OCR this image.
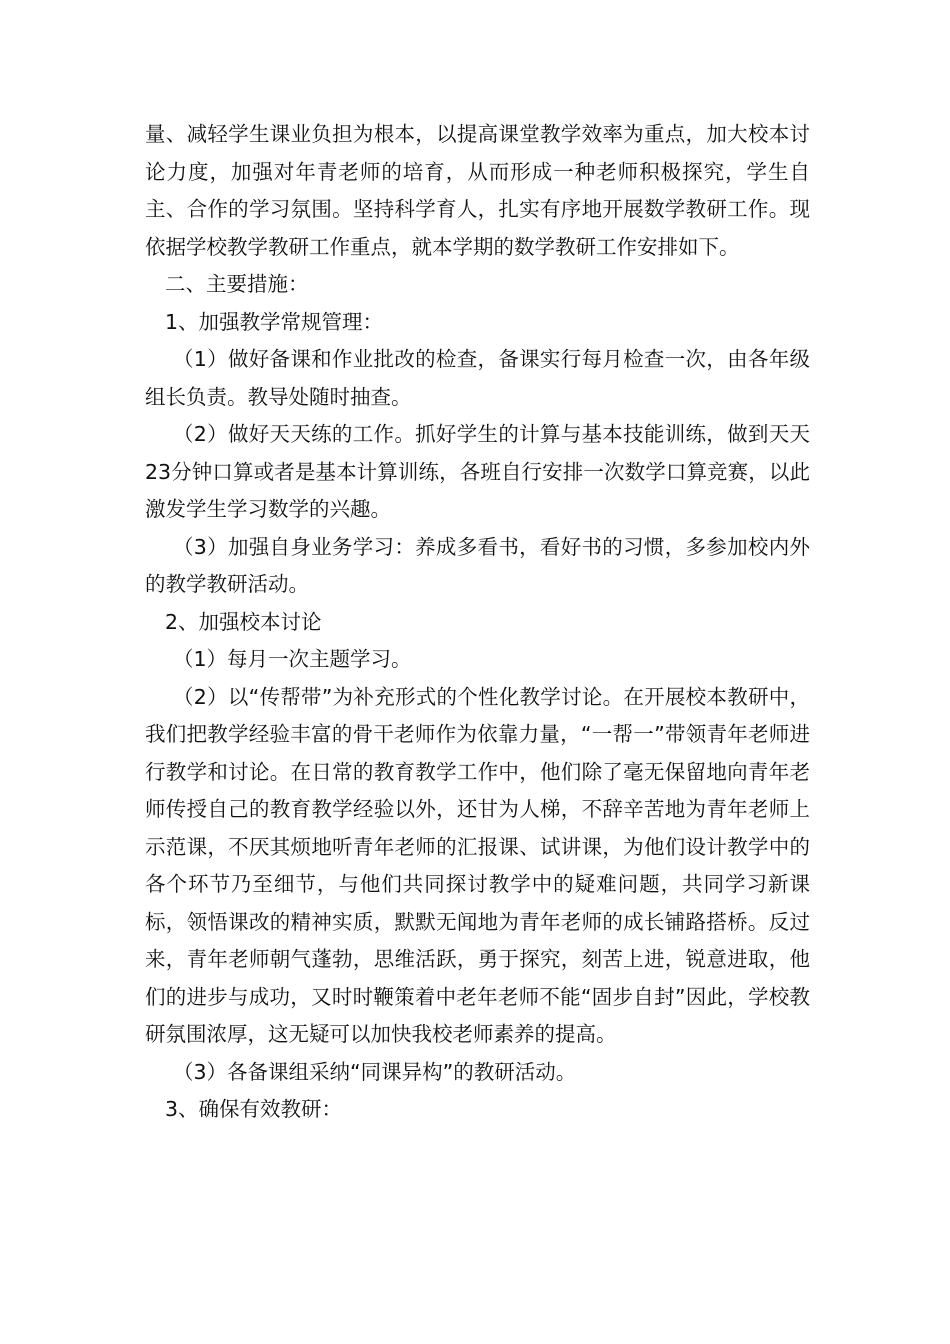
量、减轻学生课业负担为根本，以提高课堂教学效率为重点，加大校本讨论力度，加强对年青老师的培育，从而形成一种老师积极探究，学生自主、合作的学习氛围。坚持科学育人，扎实有序地开展数学教研工作。现依据学校教学教研工作重点，就本学期的数学教研工作安排如下。

二、主要措施：

1、加强教学常规管理：

（1）做好备课和作业批改的检查，备课实行每月检查一次，由各年级组长负责。教导处随时抽查。

（2）做好天天练的工作。抓好学生的计算与基本技能训练，做到天天23分钟口算或者是基本计算训练，各班自行安排一次数学口算竞赛，以此激发学生学习数学的兴趣。

（3）加强自身业务学习：养成多看书，看好书的习惯，多参加校内外的教学教研活动。

2、加强校本讨论

（1）每月一次主题学习。

（2）以“传帮带”为补充形式的个性化教学讨论。在开展校本教研中，我们把教学经验丰富的骨干老师作为依靠力量，“一帮一”带领青年老师进行教学和讨论。在日常的教育教学工作中，他们除了毫无保留地向青年老师传授自己的教育教学经验以外，还甘为人梯，不辞辛苦地为青年老师上示范课，不厌其烦地听青年老师的汇报课、试讲课，为他们设计教学中的各个环节乃至细节，与他们共同探讨教学中的疑难问题，共同学习新课标，领悟课改的精神实质，默默无闻地为青年老师的成长铺路搭桥。反过来，青年老师朝气蓬勃，思维活跃，勇于探究，刻苦上进，锐意进取，他们的进步与成功，又时时鞭策着中老年老师不能“固步自封”因此，学校教研氛围浓厚，这无疑可以加快我校老师素养的提高。

（3）各备课组采纳“同课异构”的教研活动。

3、确保有效教研：
